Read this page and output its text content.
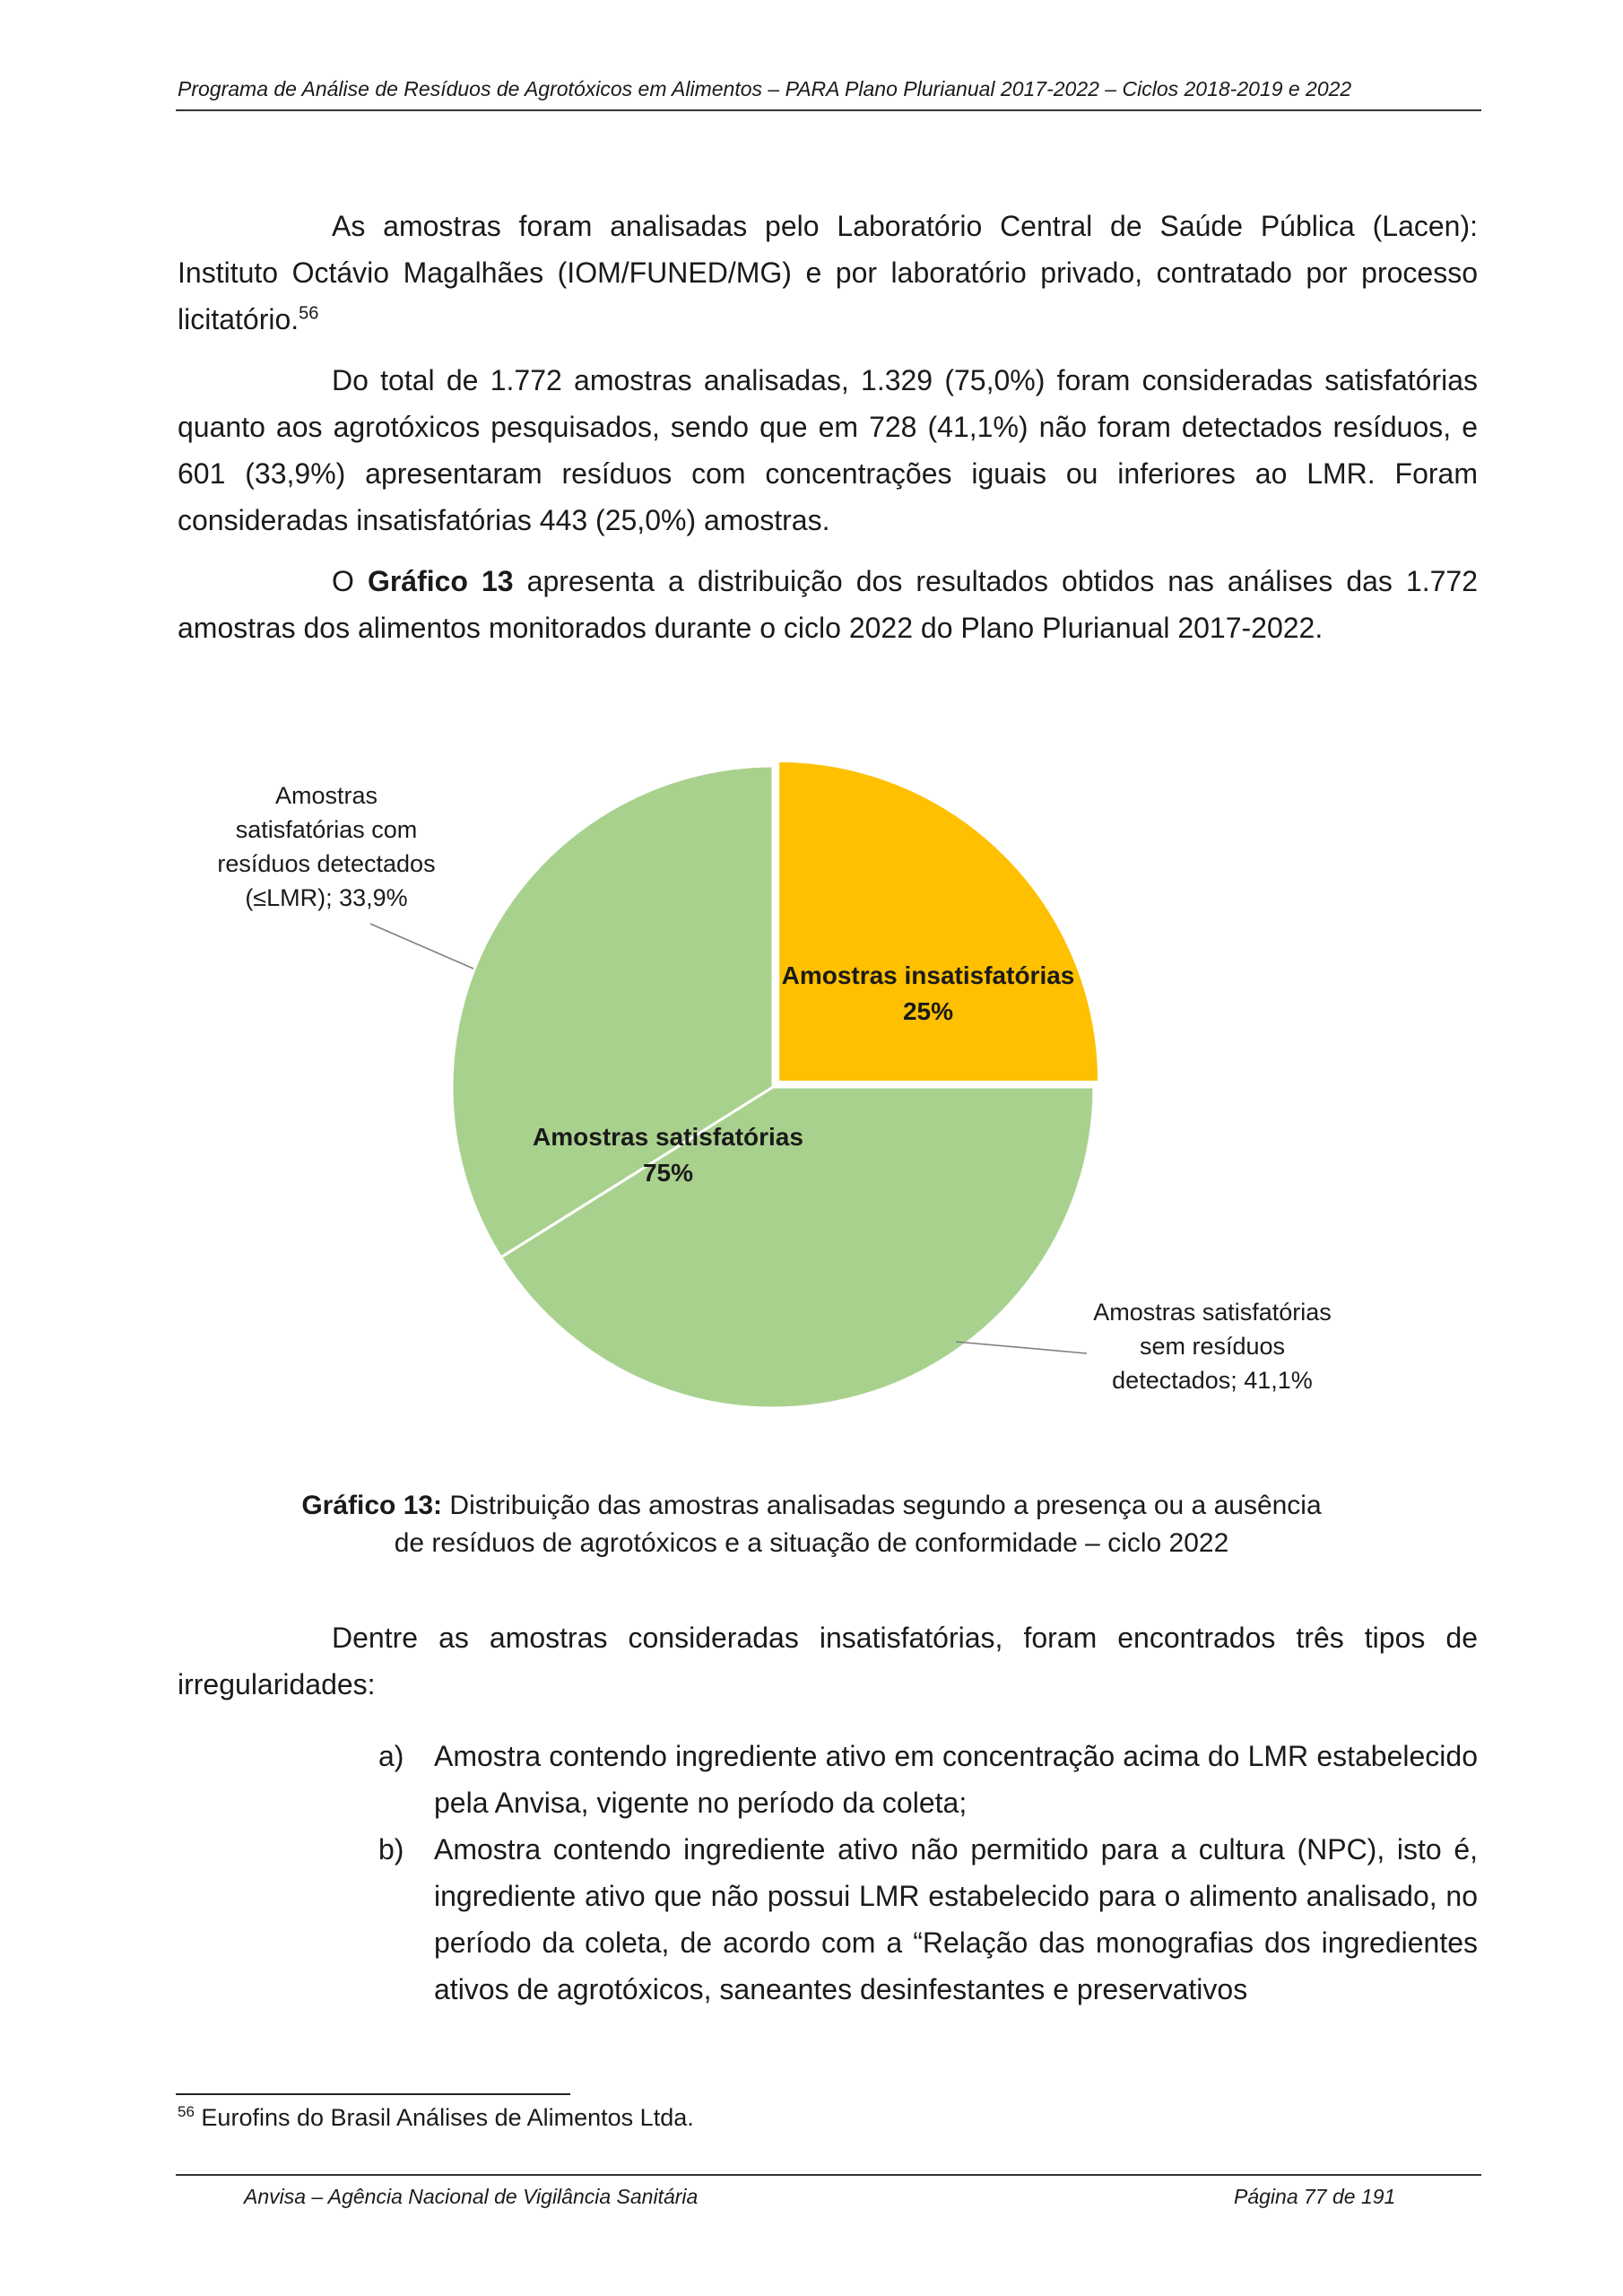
Programa de Análise de Resíduos de Agrotóxicos em Alimentos – PARA Plano Plurianual 2017-2022 – Ciclos 2018-2019 e 2022

As amostras foram analisadas pelo Laboratório Central de Saúde Pública (Lacen): Instituto Octávio Magalhães (IOM/FUNED/MG) e por laboratório privado, contratado por processo licitatório.$^{56}$

Do total de 1.772 amostras analisadas, 1.329 (75,0%) foram consideradas satisfatórias quanto aos agrotóxicos pesquisados, sendo que em 728 (41,1%) não foram detectados resíduos, e 601 (33,9%) apresentaram resíduos com concentrações iguais ou inferiores ao LMR. Foram consideradas insatisfatórias 443 (25,0%) amostras.

O Gráfico 13 apresenta a distribuição dos resultados obtidos nas análises das 1.772 amostras dos alimentos monitorados durante o ciclo 2022 do Plano Plurianual 2017-2022.

Amostras
satisfatórias com
resíduos detectados
(≤LMR); 33,9%
Amostras satisfatórias
sem resíduos
detectados; 41,1%
Amostras insatisfatórias
25%
Amostras satisfatórias
75%
Gráfico 13: Distribuição das amostras analisadas segundo a presença ou a ausência
de resíduos de agrotóxicos e a situação de conformidade – ciclo 2022

Dentre as amostras consideradas insatisfatórias, foram encontrados três tipos de irregularidades:

a) Amostra contendo ingrediente ativo em concentração acima do LMR estabelecido pela Anvisa, vigente no período da coleta;
b) Amostra contendo ingrediente ativo não permitido para a cultura (NPC), isto é, ingrediente ativo que não possui LMR estabelecido para o alimento analisado, no período da coleta, de acordo com a “Relação das monografias dos ingredientes ativos de agrotóxicos, saneantes desinfestantes e preservativos
$^{56}$ Eurofins do Brasil Análises de Alimentos Ltda.
Anvisa – Agência Nacional de Vigilância Sanitária	Página 77 de 191
